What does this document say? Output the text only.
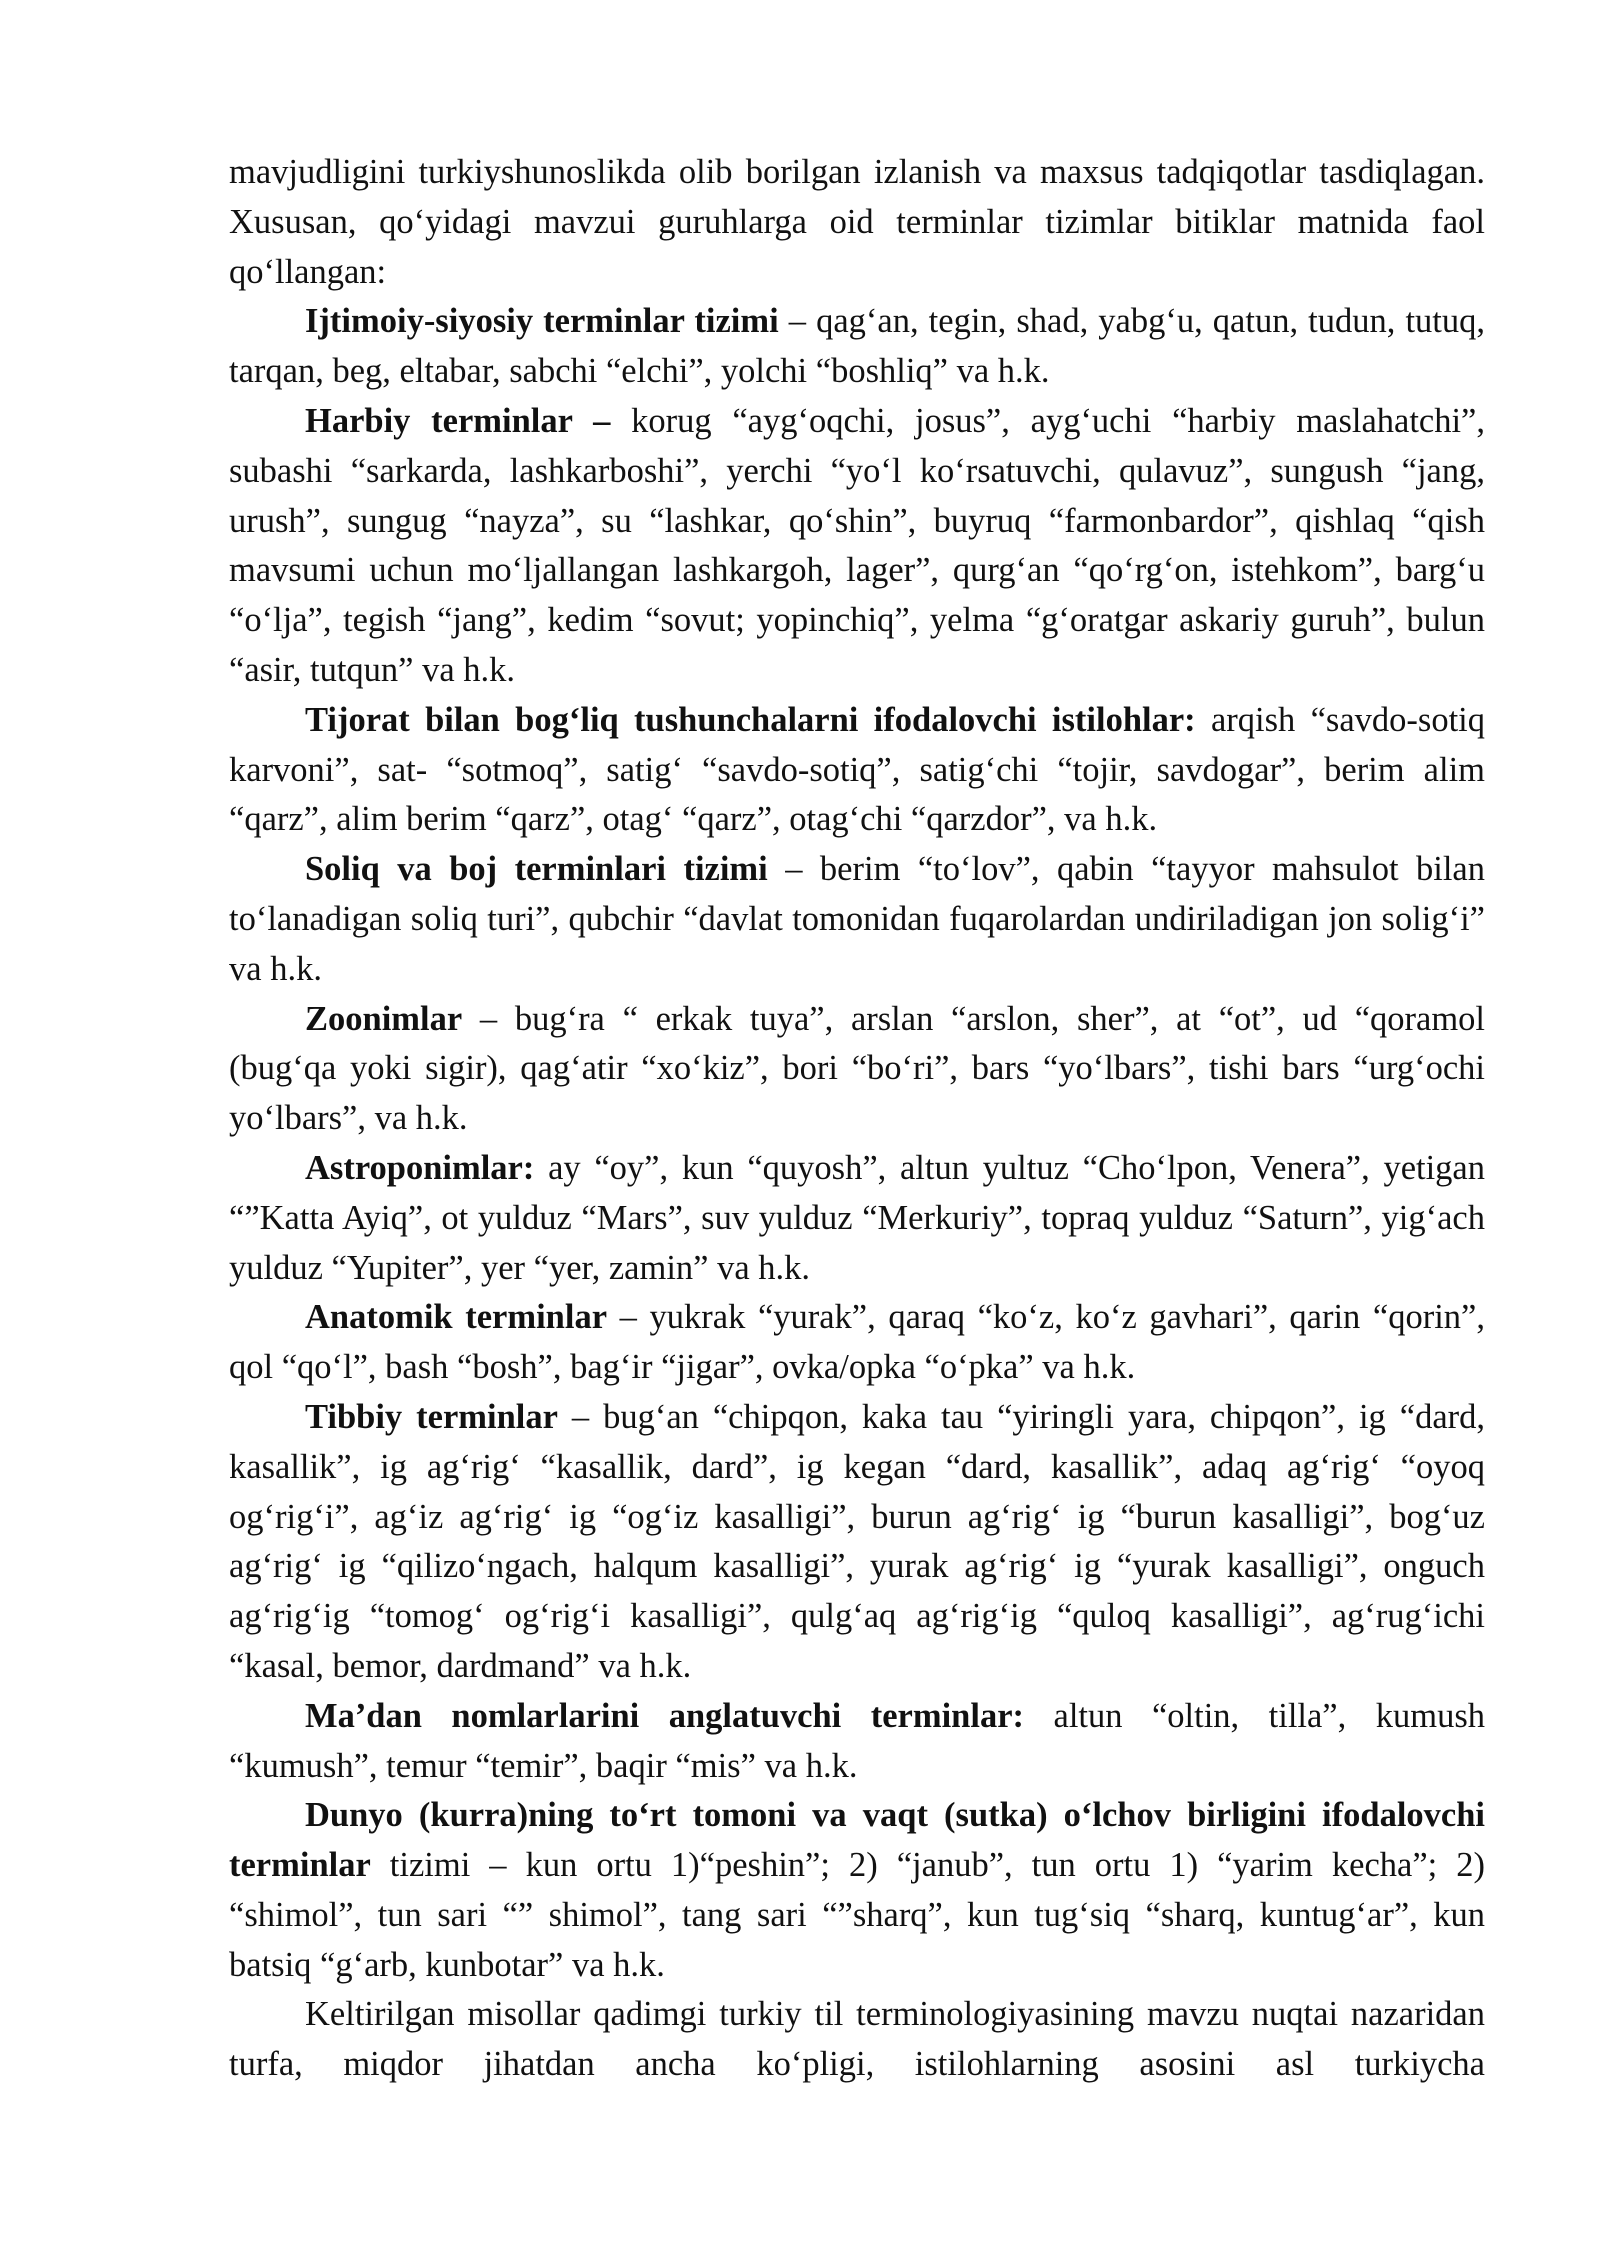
mavjudligini turkiyshunoslikda olib borilgan izlanish va maxsus tadqiqotlar tasdiqlagan. Xususan, qo‘yidagi mavzui guruhlarga oid terminlar tizimlar bitiklar matnida faol qo‘llangan:

Ijtimoiy-siyosiy terminlar tizimi – qag‘an, tegin, shad, yabg‘u, qatun, tudun, tutuq, tarqan, beg, eltabar, sabchi “elchi”, yolchi “boshliq” va h.k.

Harbiy terminlar – korug “ayg‘oqchi, josus”, ayg‘uchi “harbiy maslahatchi”, subashi “sarkarda, lashkarboshi”, yerchi “yo‘l ko‘rsatuvchi, qulavuz”, sungush “jang, urush”, sungug “nayza”, su “lashkar, qo‘shin”, buyruq “farmonbardor”, qishlaq “qish mavsumi uchun mo‘ljallangan lashkargoh, lager”, qurg‘an “qo‘rg‘on, istehkom”, barg‘u “o‘lja”, tegish “jang”, kedim “sovut; yopinchiq”, yelma “g‘oratgar askariy guruh”, bulun “asir, tutqun” va h.k.

Tijorat bilan bog‘liq tushunchalarni ifodalovchi istilohlar: arqish “savdo-sotiq karvoni”, sat- “sotmoq”, satig‘ “savdo-sotiq”, satig‘chi “tojir, savdogar”, berim alim “qarz”, alim berim “qarz”, otag‘ “qarz”, otag‘chi “qarzdor”, va h.k.

Soliq va boj terminlari tizimi – berim “to‘lov”, qabin “tayyor mahsulot bilan to‘lanadigan soliq turi”, qubchir “davlat tomonidan fuqarolardan undiriladigan jon solig‘i” va h.k.

Zoonimlar – bug‘ra “ erkak tuya”, arslan “arslon, sher”, at “ot”, ud “qoramol (bug‘qa yoki sigir), qag‘atir “xo‘kiz”, bori “bo‘ri”, bars “yo‘lbars”, tishi bars “urg‘ochi yo‘lbars”, va h.k.

Astroponimlar: ay “oy”, kun “quyosh”, altun yultuz “Cho‘lpon, Venera”, yetigan “”Katta Ayiq”, ot yulduz “Mars”, suv yulduz “Merkuriy”, topraq yulduz “Saturn”, yig‘ach yulduz “Yupiter”, yer “yer, zamin” va h.k.

Anatomik terminlar – yukrak “yurak”, qaraq “ko‘z, ko‘z gavhari”, qarin “qorin”, qol “qo‘l”, bash “bosh”, bag‘ir “jigar”, ovka/opka “o‘pka” va h.k.

Tibbiy terminlar – bug‘an “chipqon, kaka tau “yiringli yara, chipqon”, ig “dard, kasallik”, ig ag‘rig‘ “kasallik, dard”, ig kegan “dard, kasallik”, adaq ag‘rig‘ “oyoq og‘rig‘i”, ag‘iz ag‘rig‘ ig “og‘iz kasalligi”, burun ag‘rig‘ ig “burun kasalligi”, bog‘uz ag‘rig‘ ig “qilizo‘ngach, halqum kasalligi”, yurak ag‘rig‘ ig “yurak kasalligi”, onguch ag‘rig‘ig “tomog‘ og‘rig‘i kasalligi”, qulg‘aq ag‘rig‘ig “quloq kasalligi”, ag‘rug‘ichi “kasal, bemor, dardmand” va h.k.

Ma’dan nomlarlarini anglatuvchi terminlar: altun “oltin, tilla”, kumush “kumush”, temur “temir”, baqir “mis” va h.k.

Dunyo (kurra)ning to‘rt tomoni va vaqt (sutka) o‘lchov birligini ifodalovchi terminlar tizimi – kun ortu 1)“peshin”; 2) “janub”, tun ortu 1) “yarim kecha”; 2) “shimol”, tun sari “” shimol”, tang sari “”sharq”, kun tug‘siq “sharq, kuntug‘ar”, kun batsiq “g‘arb, kunbotar” va h.k.

Keltirilgan misollar qadimgi turkiy til terminologiyasining mavzu nuqtai nazaridan turfa, miqdor jihatdan ancha ko‘pligi, istilohlarning asosini asl turkiycha
